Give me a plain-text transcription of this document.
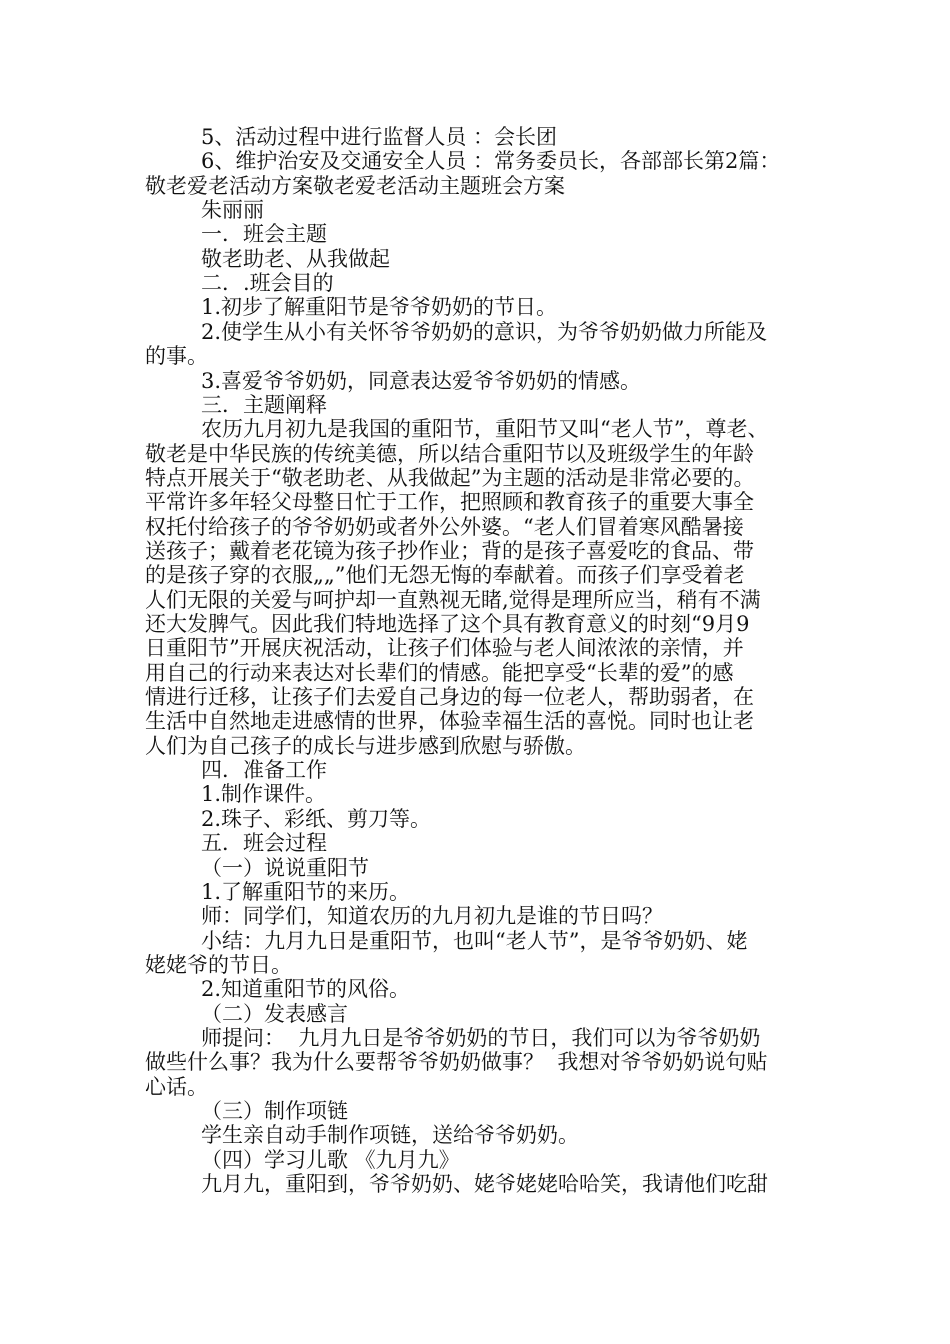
5、活动过程中进行监督人员 ：会长团
6、维护治安及交通安全人员 ：常务委员长，各部部长第2篇：
敬老爱老活动方案敬老爱老活动主题班会方案
朱丽丽
一．班会主题
敬老助老、从我做起
二．.班会目的
1.初步了解重阳节是爷爷奶奶的节日。
2.使学生从小有关怀爷爷奶奶的意识，为爷爷奶奶做力所能及
的事。
3.喜爱爷爷奶奶，同意表达爱爷爷奶奶的情感。
三．主题阐释
农历九月初九是我国的重阳节，重阳节又叫“老人节”，尊老、
敬老是中华民族的传统美德，所以结合重阳节以及班级学生的年龄
特点开展关于“敬老助老、从我做起”为主题的活动是非常必要的。
平常许多年轻父母整日忙于工作，把照顾和教育孩子的重要大事全
权托付给孩子的爷爷奶奶或者外公外婆。“老人们冒着寒风酷暑接
送孩子；戴着老花镜为孩子抄作业；背的是孩子喜爱吃的食品、带
的是孩子穿的衣服„„”他们无怨无悔的奉献着。而孩子们享受着老
人们无限的关爱与呵护却一直熟视无睹,觉得是理所应当，稍有不满
还大发脾气。因此我们特地选择了这个具有教育意义的时刻“9月9
日重阳节”开展庆祝活动，让孩子们体验与老人间浓浓的亲情，并
用自己的行动来表达对长辈们的情感。能把享受“长辈的爱”的感
情进行迁移，让孩子们去爱自己身边的每一位老人，帮助弱者，在
生活中自然地走进感情的世界，体验幸福生活的喜悦。同时也让老
人们为自己孩子的成长与进步感到欣慰与骄傲。
四．准备工作
1.制作课件。
2.珠子、彩纸、剪刀等。
五．班会过程
（一）说说重阳节
1.了解重阳节的来历。
师：同学们，知道农历的九月初九是谁的节日吗？
小结：九月九日是重阳节，也叫“老人节”，是爷爷奶奶、姥
姥姥爷的节日。
2.知道重阳节的风俗。
（二）发表感言
师提问：  九月九日是爷爷奶奶的节日，我们可以为爷爷奶奶
做些什么事？我为什么要帮爷爷奶奶做事？  我想对爷爷奶奶说句贴
心话。
（三）制作项链
学生亲自动手制作项链，送给爷爷奶奶。
（四）学习儿歌 《九月九》
九月九，重阳到，爷爷奶奶、姥爷姥姥哈哈笑，我请他们吃甜
